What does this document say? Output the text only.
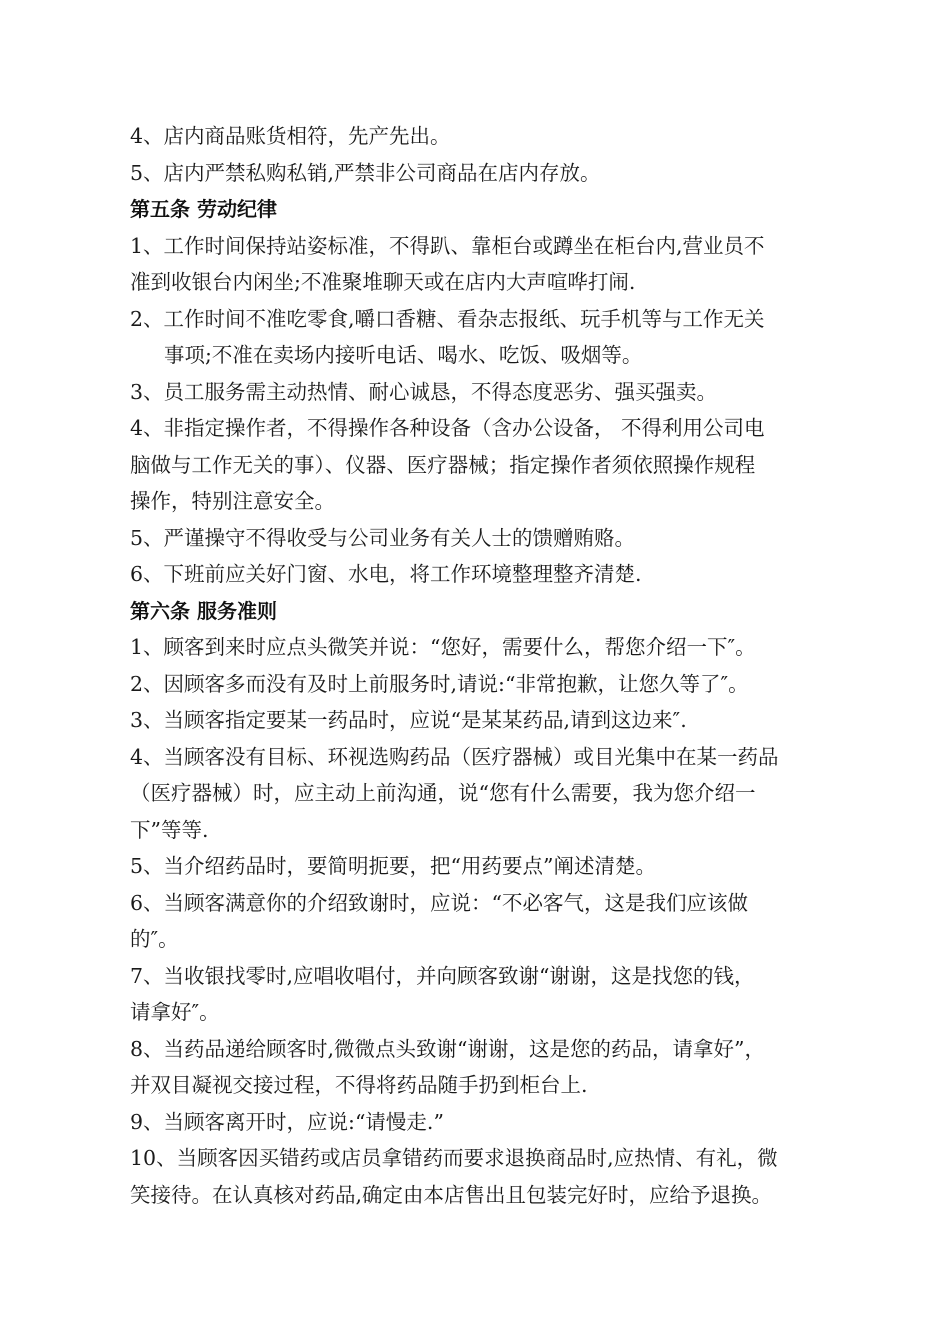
4、店内商品账货相符，先产先出。
5、店内严禁私购私销,严禁非公司商品在店内存放。
第五条 劳动纪律
1、工作时间保持站姿标准，不得趴、靠柜台或蹲坐在柜台内,营业员不
准到收银台内闲坐;不准聚堆聊天或在店内大声喧哗打闹.
2、工作时间不准吃零食,嚼口香糖、看杂志报纸、玩手机等与工作无关
事项;不准在卖场内接听电话、喝水、吃饭、吸烟等。
3、员工服务需主动热情、耐心诚恳，不得态度恶劣、强买强卖。
4、非指定操作者，不得操作各种设备（含办公设备， 不得利用公司电
脑做与工作无关的事）、仪器、医疗器械；指定操作者须依照操作规程
操作，特别注意安全。
5、严谨操守不得收受与公司业务有关人士的馈赠贿赂。
6、下班前应关好门窗、水电，将工作环境整理整齐清楚.
第六条 服务准则
1、顾客到来时应点头微笑并说：“您好，需要什么，帮您介绍一下″。
2、因顾客多而没有及时上前服务时,请说:“非常抱歉，让您久等了″。
3、当顾客指定要某一药品时，应说“是某某药品,请到这边来″.
4、当顾客没有目标、环视选购药品（医疗器械）或目光集中在某一药品
（医疗器械）时，应主动上前沟通，说“您有什么需要，我为您介绍一
下”等等.
5、当介绍药品时，要简明扼要，把“用药要点”阐述清楚。
6、当顾客满意你的介绍致谢时，应说：“不必客气，这是我们应该做
的″。
7、当收银找零时,应唱收唱付，并向顾客致谢“谢谢，这是找您的钱，
请拿好″。
8、当药品递给顾客时,微微点头致谢“谢谢，这是您的药品，请拿好”，
并双目凝视交接过程，不得将药品随手扔到柜台上.
9、当顾客离开时，应说:“请慢走.”
10、当顾客因买错药或店员拿错药而要求退换商品时,应热情、有礼，微
笑接待。在认真核对药品,确定由本店售出且包装完好时，应给予退换。
